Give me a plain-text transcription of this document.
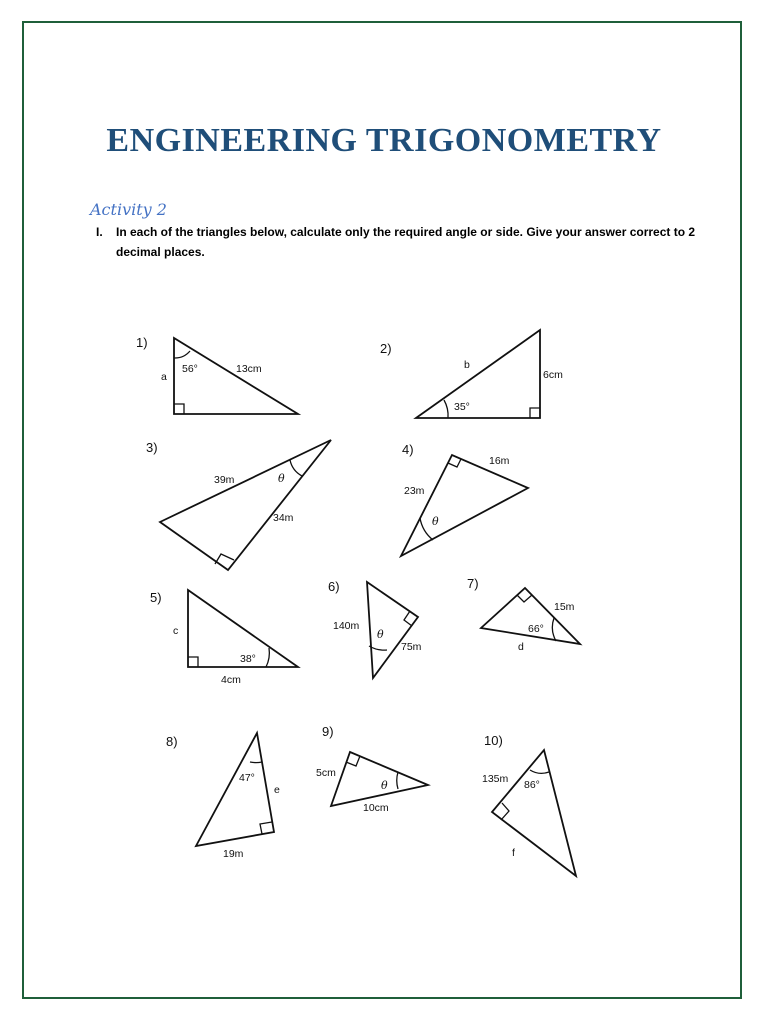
ENGINEERING TRIGONOMETRY
Activity 2
I. In each of the triangles below, calculate only the required angle or side. Give your answer correct to 2 decimal places.
1)
a
56°	13cm
2)
b
6cm
35°
3)
39m	θ
34m
4)
16m
23m
θ
5)
c
38°
4cm
6)
140m
θ
75m
7)
15m
66°
d
8)
47°
e
19m
9)
5cm
θ
10cm
10)
135m 86°
f
